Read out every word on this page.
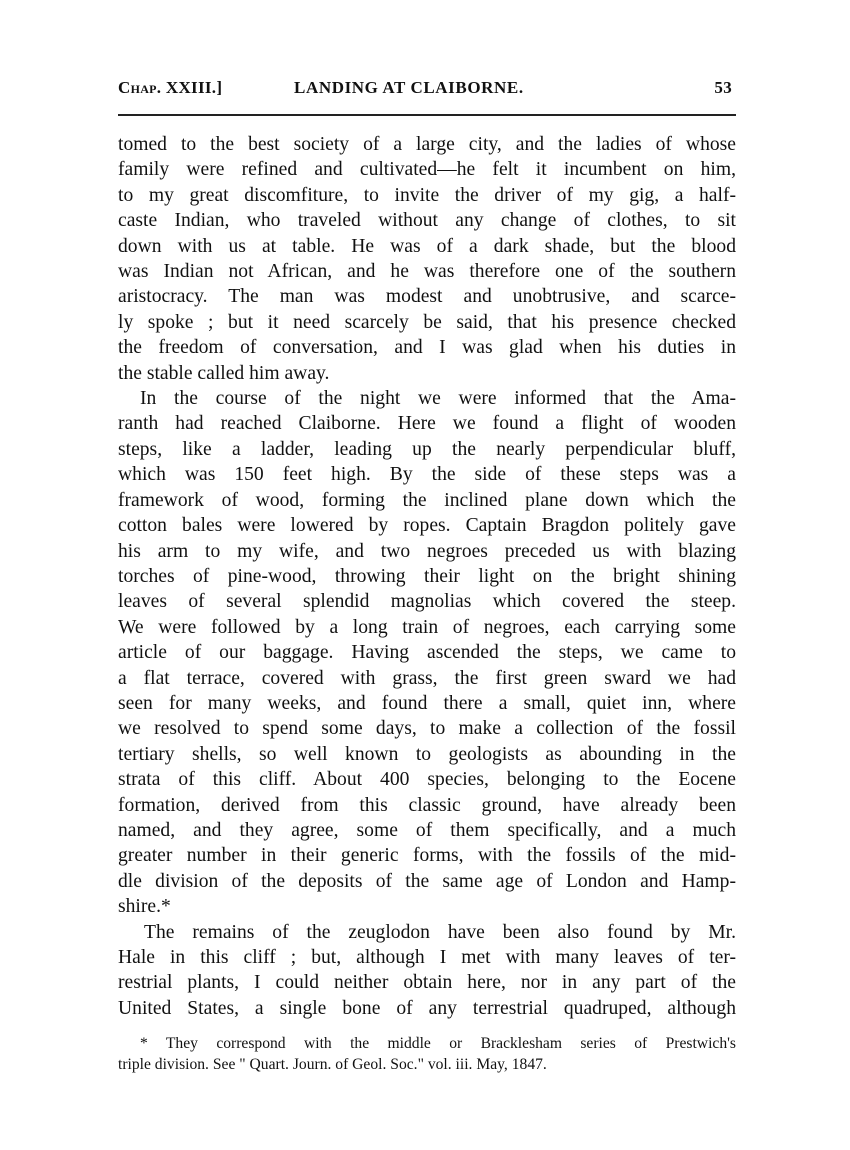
Chap. XXIII.]	LANDING AT CLAIBORNE.	53

tomed to the best society of a large city, and the ladies of whose
family were refined and cultivated—he felt it incumbent on him,
to my great discomfiture, to invite the driver of my gig, a half-
caste Indian, who traveled without any change of clothes, to sit
down with us at table. He was of a dark shade, but the blood
was Indian not African, and he was therefore one of the southern
aristocracy. The man was modest and unobtrusive, and scarce-
ly spoke ; but it need scarcely be said, that his presence checked
the freedom of conversation, and I was glad when his duties in
the stable called him away.

In the course of the night we were informed that the Ama-
ranth had reached Claiborne. Here we found a flight of wooden
steps, like a ladder, leading up the nearly perpendicular bluff,
which was 150 feet high. By the side of these steps was a
framework of wood, forming the inclined plane down which the
cotton bales were lowered by ropes. Captain Bragdon politely gave
his arm to my wife, and two negroes preceded us with blazing
torches of pine-wood, throwing their light on the bright shining
leaves of several splendid magnolias which covered the steep.
We were followed by a long train of negroes, each carrying some
article of our baggage. Having ascended the steps, we came to
a flat terrace, covered with grass, the first green sward we had
seen for many weeks, and found there a small, quiet inn, where
we resolved to spend some days, to make a collection of the fossil
tertiary shells, so well known to geologists as abounding in the
strata of this cliff. About 400 species, belonging to the Eocene
formation, derived from this classic ground, have already been
named, and they agree, some of them specifically, and a much
greater number in their generic forms, with the fossils of the mid-
dle division of the deposits of the same age of London and Hamp-
shire.*

The remains of the zeuglodon have been also found by Mr.
Hale in this cliff ; but, although I met with many leaves of ter-
restrial plants, I could neither obtain here, nor in any part of the
United States, a single bone of any terrestrial quadruped, although

* They correspond with the middle or Bracklesham series of Prestwich's
triple division. See " Quart. Journ. of Geol. Soc." vol. iii. May, 1847.
